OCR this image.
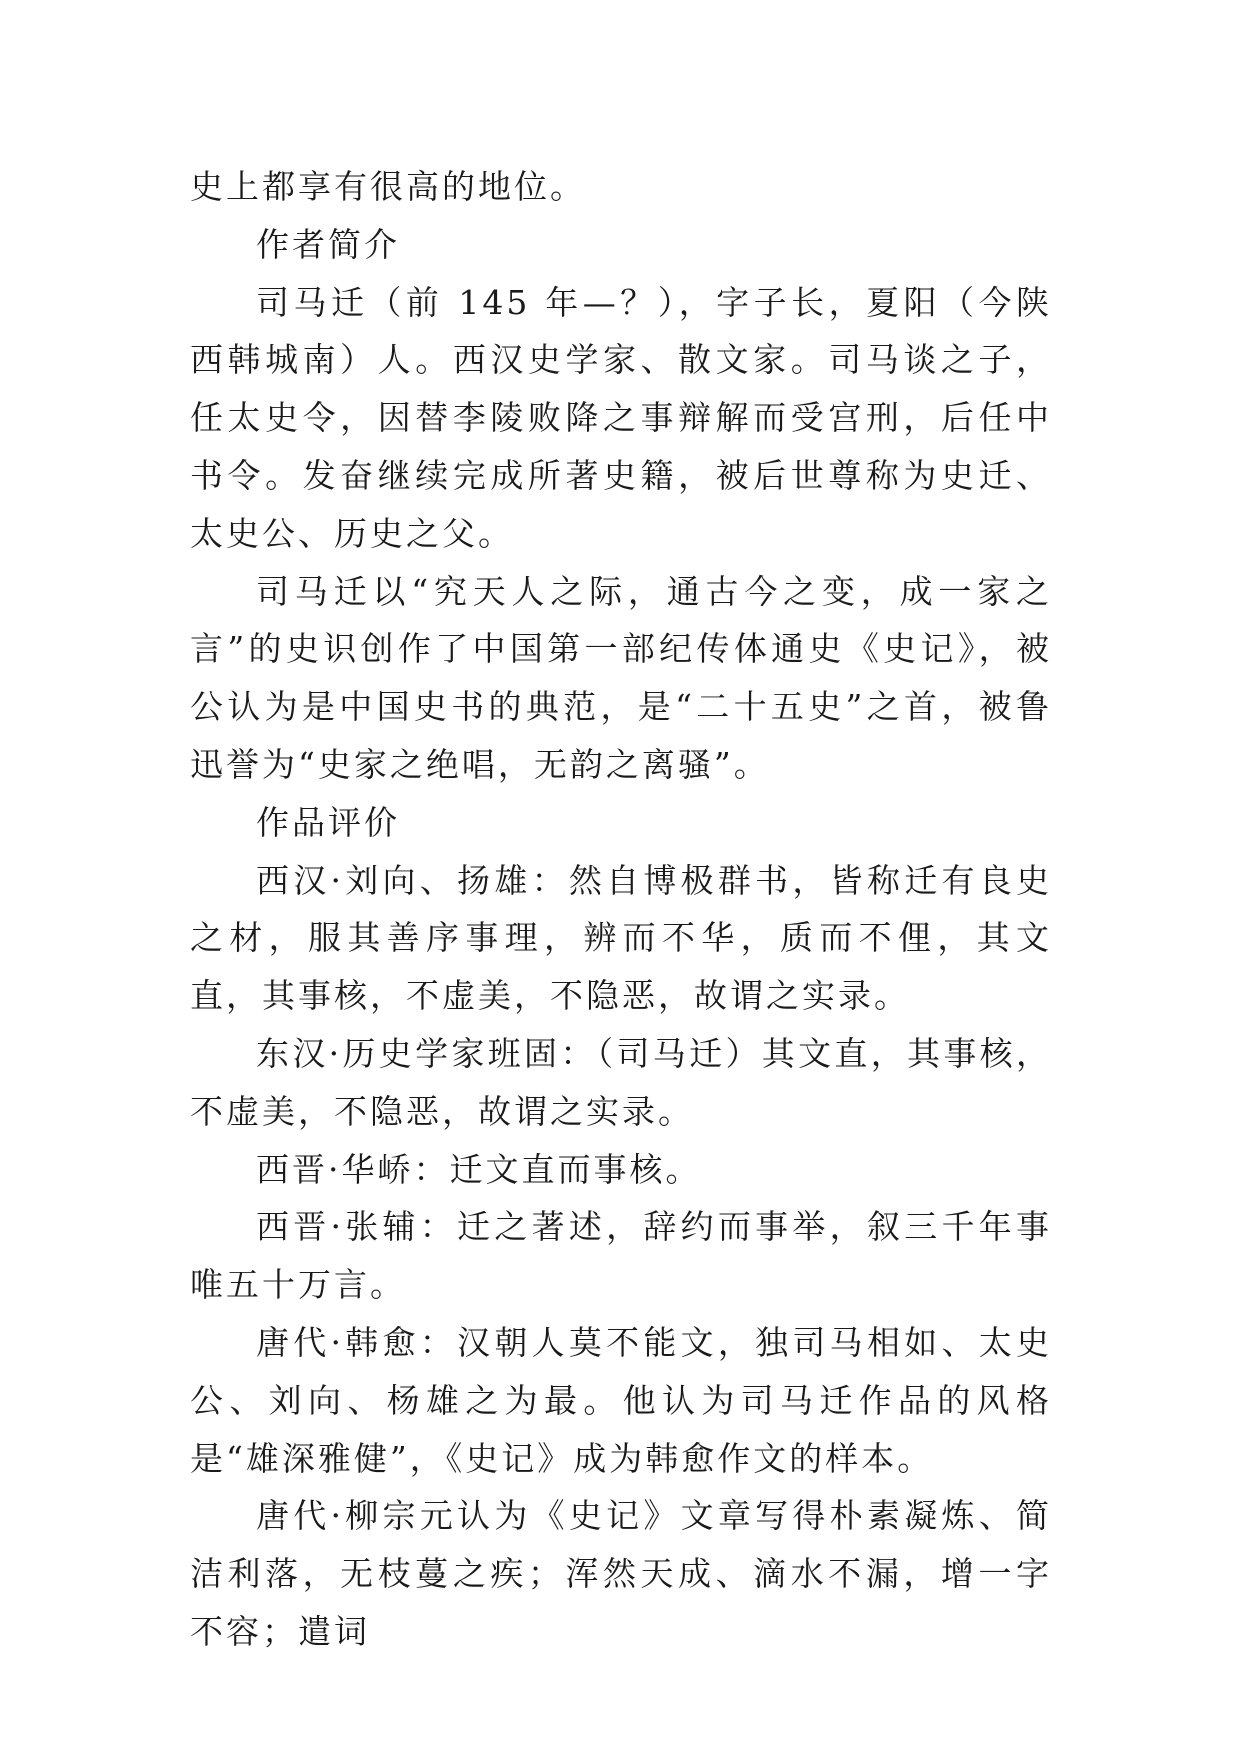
史上都享有很高的地位。

作者简介

司马迁（前 145 年—？），字子长，夏阳（今陕西韩城南）人。西汉史学家、散文家。司马谈之子，任太史令，因替李陵败降之事辩解而受宫刑，后任中书令。发奋继续完成所著史籍，被后世尊称为史迁、太史公、历史之父。

司马迁以“究天人之际，通古今之变，成一家之言”的史识创作了中国第一部纪传体通史《史记》，被公认为是中国史书的典范，是“二十五史”之首，被鲁迅誉为“史家之绝唱，无韵之离骚”。

作品评价

西汉·刘向、扬雄：然自博极群书，皆称迁有良史之材，服其善序事理，辨而不华，质而不俚，其文直，其事核，不虚美，不隐恶，故谓之实录。

东汉·历史学家班固：（司马迁）其文直，其事核，不虚美，不隐恶，故谓之实录。

西晋·华峤：迁文直而事核。

西晋·张辅：迁之著述，辞约而事举，叙三千年事唯五十万言。

唐代·韩愈：汉朝人莫不能文，独司马相如、太史公、刘向、杨雄之为最。他认为司马迁作品的风格是“雄深雅健”，《史记》成为韩愈作文的样本。

唐代·柳宗元认为《史记》文章写得朴素凝炼、简洁利落，无枝蔓之疾；浑然天成、滴水不漏，增一字不容；遣词
